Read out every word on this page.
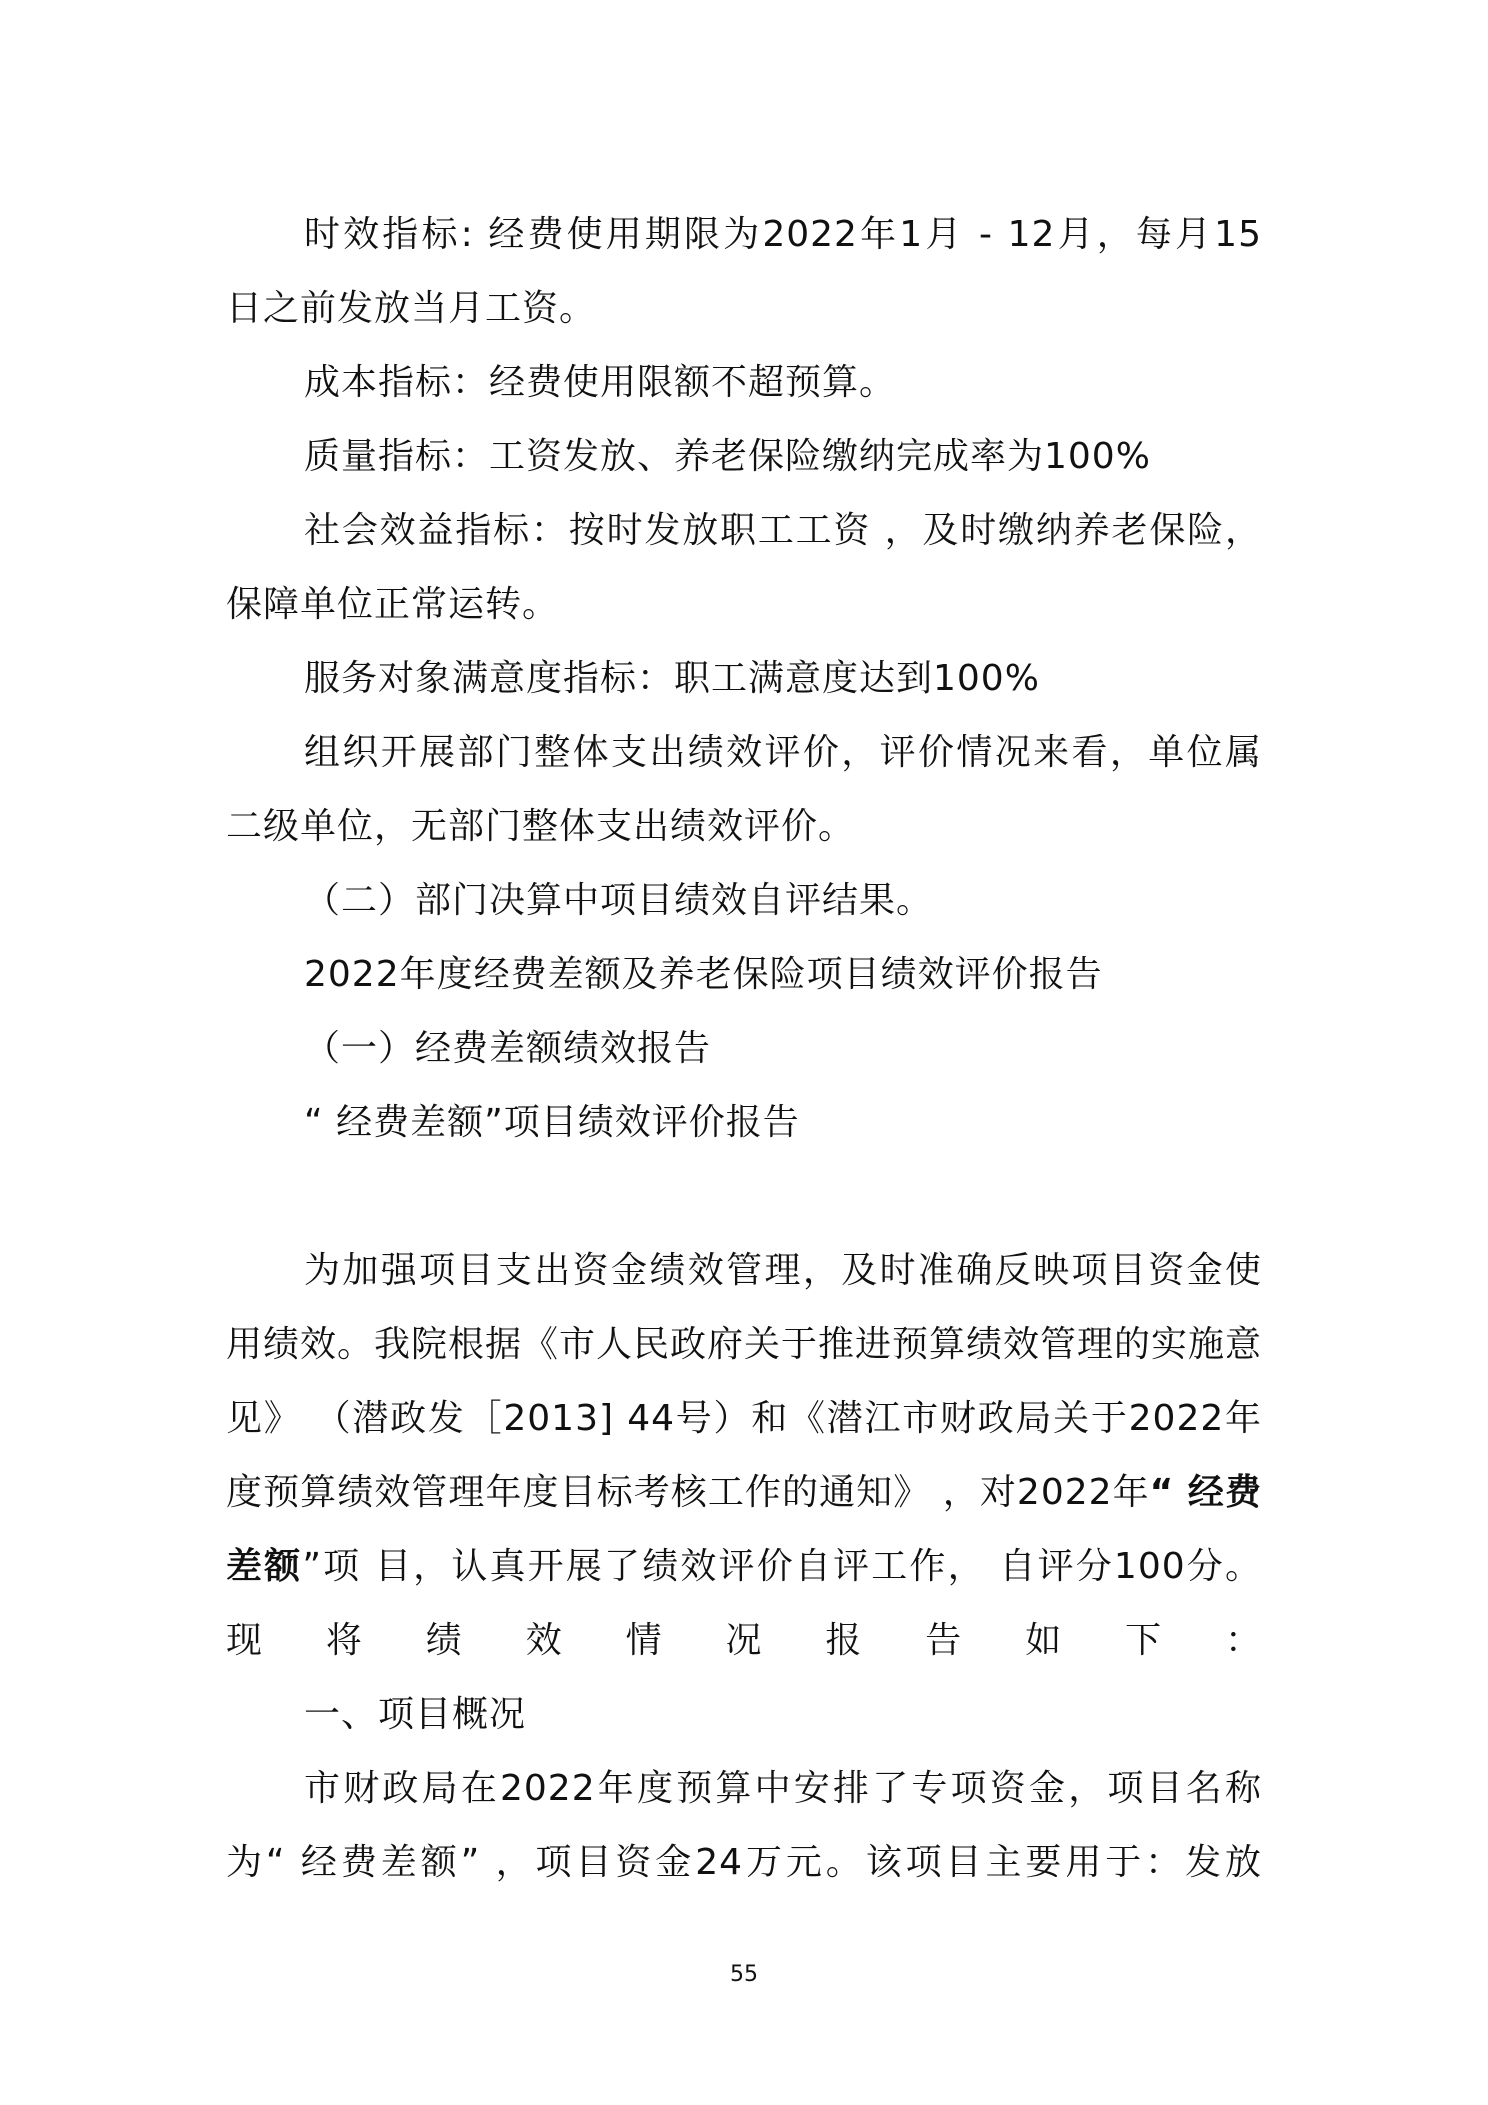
时效指标: 经费使用期限为2022年1月 - 12月，每月15 日之前发放当月工资。

成本指标：经费使用限额不超预算。

质量指标：工资发放、养老保险缴纳完成率为100%

社会效益指标：按时发放职工工资 ，及时缴纳养老保险，保障单位正常运转。

服务对象满意度指标：职工满意度达到100%

组织开展部门整体支出绩效评价，评价情况来看，单位属二级单位，无部门整体支出绩效评价。

（二）部门决算中项目绩效自评结果。

2022年度经费差额及养老保险项目绩效评价报告

（一）经费差额绩效报告

“ 经费差额”项目绩效评价报告

为加强项目支出资金绩效管理，及时准确反映项目资金使用绩效。我院根据《市人民政府关于推进预算绩效管理的实施意见》 （潜政发［2013] 44号）和《潜江市财政局关于2022年度预算绩效管理年度目标考核工作的通知》 ，对2022年“ 经费差额”项 目，认真开展了绩效评价自评工作， 自评分100分。现将绩效情况报告如下：

一、项目概况

市财政局在2022年度预算中安排了专项资金，项目名称为“ 经费差额” ，项目资金24万元。该项目主要用于：发放

55
